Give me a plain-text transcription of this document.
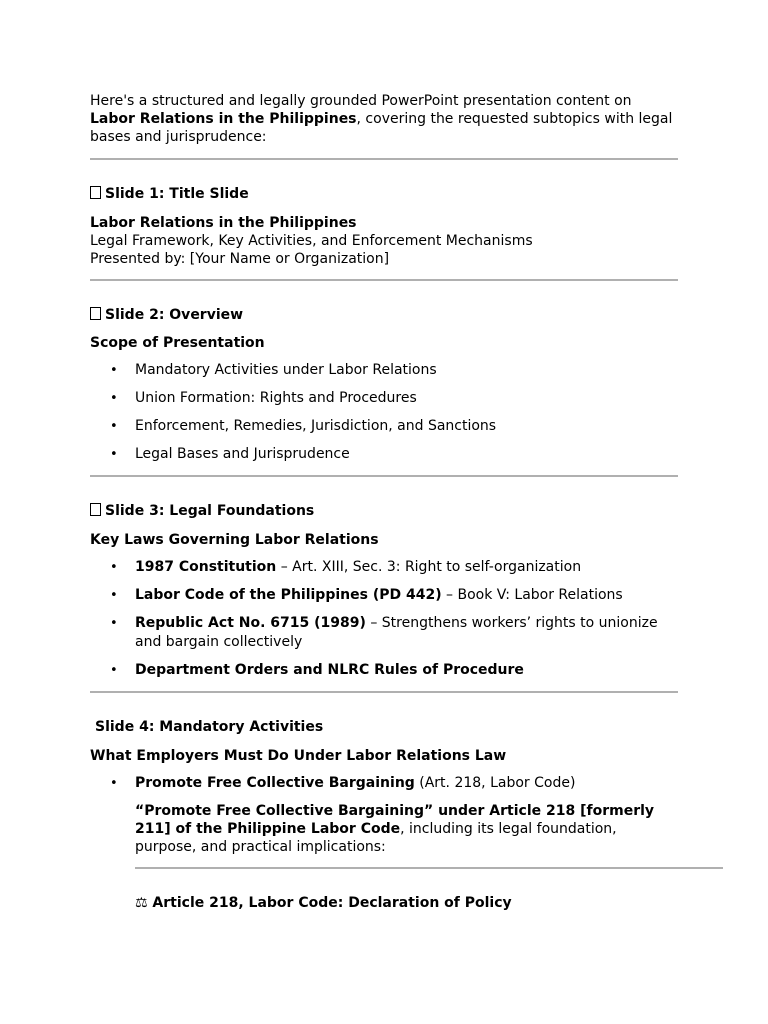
Here's a structured and legally grounded PowerPoint presentation content on Labor Relations in the Philippines, covering the requested subtopics with legal bases and jurisprudence:

Slide 1: Title Slide

Labor Relations in the Philippines

Legal Framework, Key Activities, and Enforcement Mechanisms

Presented by: [Your Name or Organization]

Slide 2: Overview

Scope of Presentation

• Mandatory Activities under Labor Relations
• Union Formation: Rights and Procedures
• Enforcement, Remedies, Jurisdiction, and Sanctions
• Legal Bases and Jurisprudence

Slide 3: Legal Foundations

Key Laws Governing Labor Relations

• 1987 Constitution – Art. XIII, Sec. 3: Right to self-organization
• Labor Code of the Philippines (PD 442) – Book V: Labor Relations
• Republic Act No. 6715 (1989) – Strengthens workers’ rights to unionize and bargain collectively
• Department Orders and NLRC Rules of Procedure

Slide 4: Mandatory Activities

What Employers Must Do Under Labor Relations Law

• Promote Free Collective Bargaining (Art. 218, Labor Code)

“Promote Free Collective Bargaining” under Article 218 [formerly 211] of the Philippine Labor Code, including its legal foundation, purpose, and practical implications:

⚖ Article 218, Labor Code: Declaration of Policy
